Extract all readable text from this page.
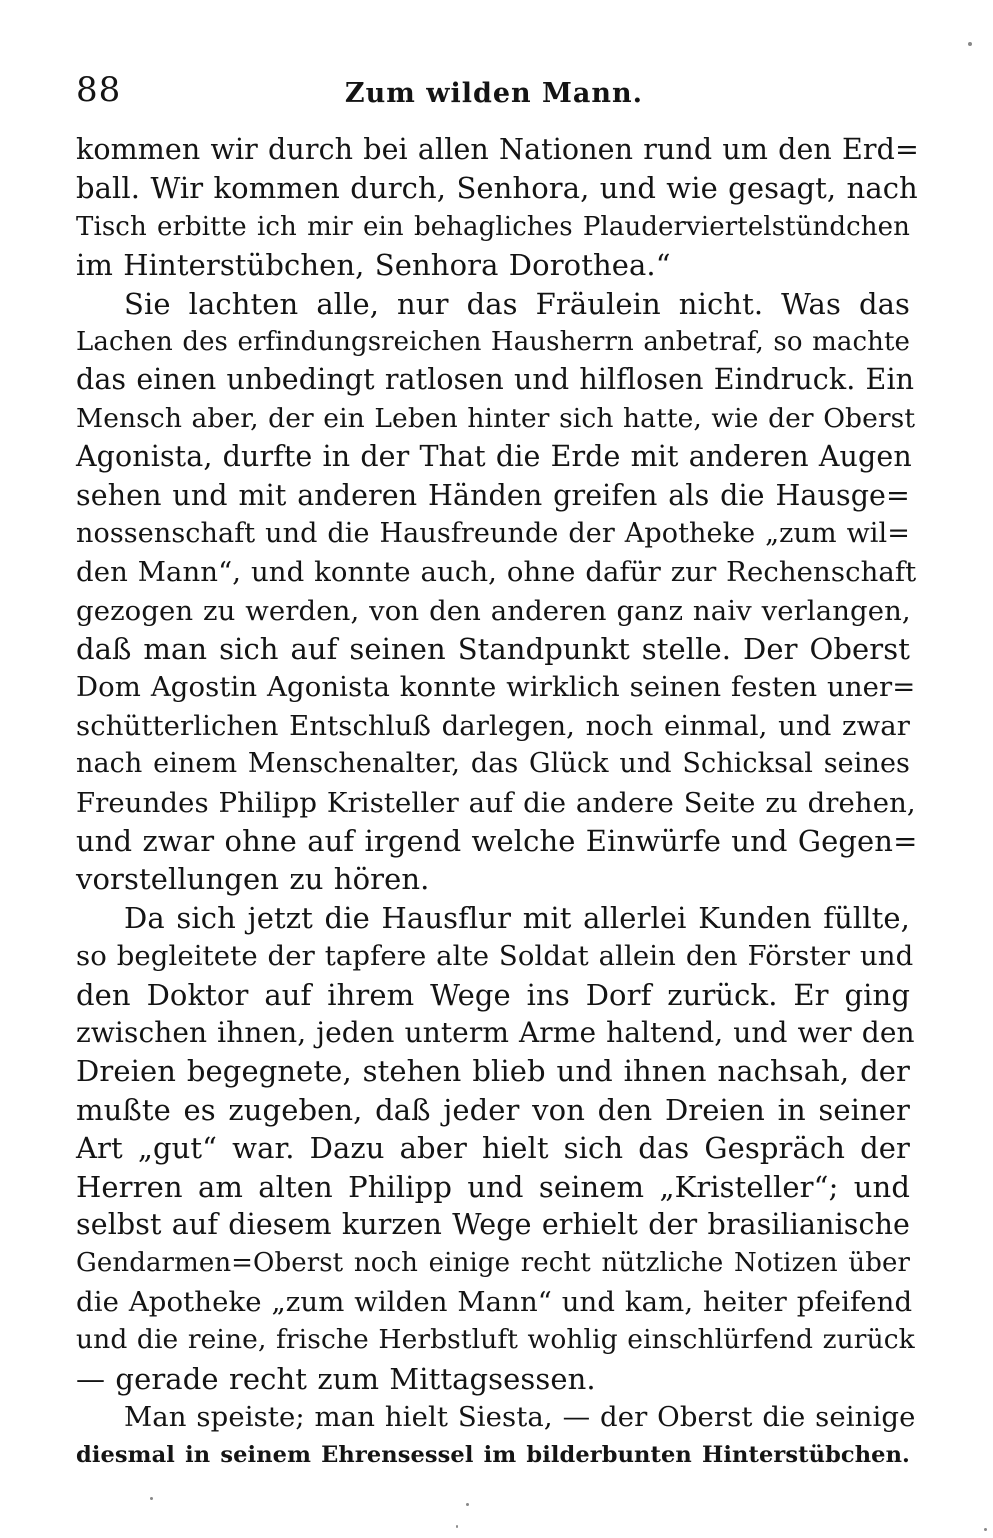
88	Zum wilden Mann.
kommen wir durch bei allen Nationen rund um den Erd=
ball. Wir kommen durch, Senhora, und wie gesagt, nach
Tisch erbitte ich mir ein behagliches Plauderviertelstündchen
im Hinterstübchen, Senhora Dorothea.“
Sie lachten alle, nur das Fräulein nicht. Was das
Lachen des erfindungsreichen Hausherrn anbetraf, so machte
das einen unbedingt ratlosen und hilflosen Eindruck. Ein
Mensch aber, der ein Leben hinter sich hatte, wie der Oberst
Agonista, durfte in der That die Erde mit anderen Augen
sehen und mit anderen Händen greifen als die Hausge=
nossenschaft und die Hausfreunde der Apotheke „zum wil=
den Mann“, und konnte auch, ohne dafür zur Rechenschaft
gezogen zu werden, von den anderen ganz naiv verlangen,
daß man sich auf seinen Standpunkt stelle. Der Oberst
Dom Agostin Agonista konnte wirklich seinen festen uner=
schütterlichen Entschluß darlegen, noch einmal, und zwar
nach einem Menschenalter, das Glück und Schicksal seines
Freundes Philipp Kristeller auf die andere Seite zu drehen,
und zwar ohne auf irgend welche Einwürfe und Gegen=
vorstellungen zu hören.
Da sich jetzt die Hausflur mit allerlei Kunden füllte,
so begleitete der tapfere alte Soldat allein den Förster und
den Doktor auf ihrem Wege ins Dorf zurück. Er ging
zwischen ihnen, jeden unterm Arme haltend, und wer den
Dreien begegnete, stehen blieb und ihnen nachsah, der
mußte es zugeben, daß jeder von den Dreien in seiner
Art „gut“ war. Dazu aber hielt sich das Gespräch der
Herren am alten Philipp und seinem „Kristeller“; und
selbst auf diesem kurzen Wege erhielt der brasilianische
Gendarmen=Oberst noch einige recht nützliche Notizen über
die Apotheke „zum wilden Mann“ und kam, heiter pfeifend
und die reine, frische Herbstluft wohlig einschlürfend zurück
— gerade recht zum Mittagsessen.
Man speiste; man hielt Siesta, — der Oberst die seinige
diesmal in seinem Ehrensessel im bilderbunten Hinterstübchen.
